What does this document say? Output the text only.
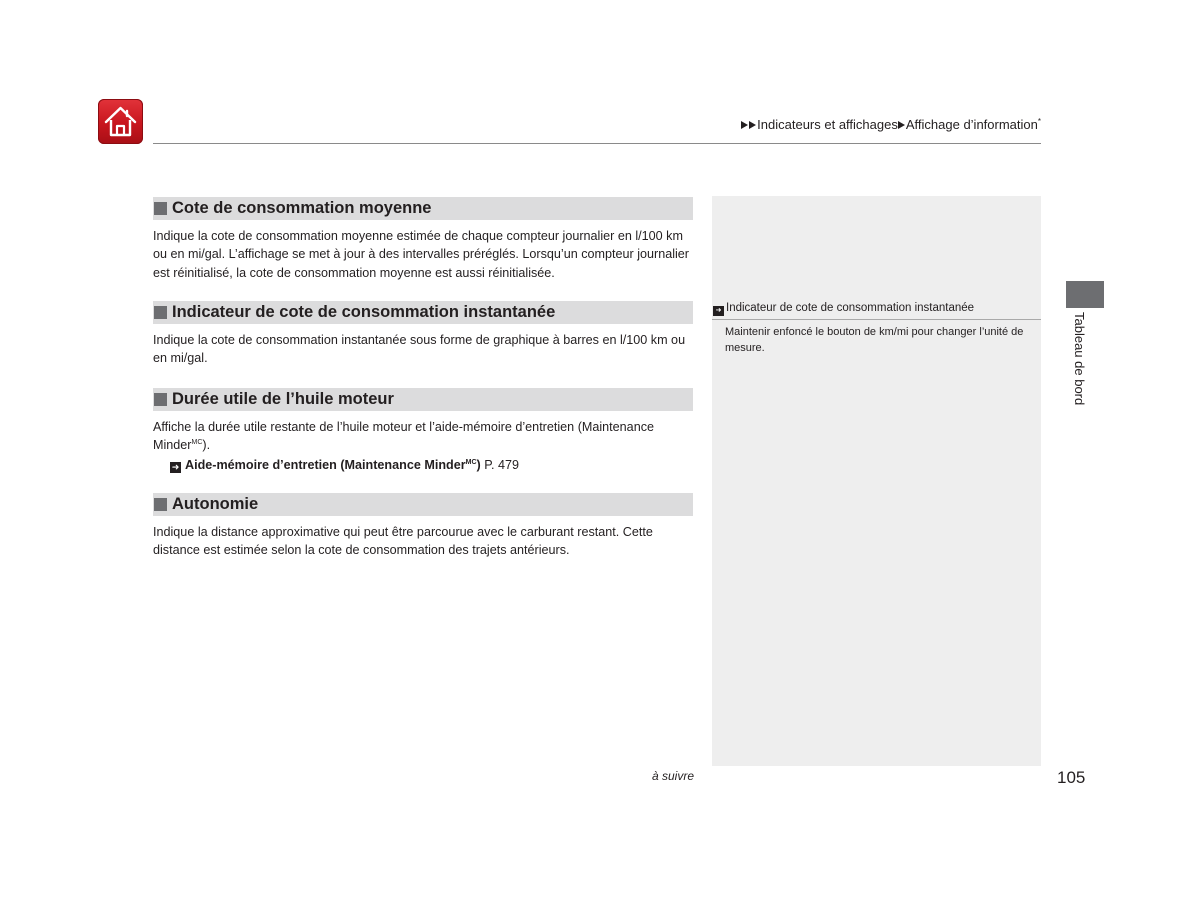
Indicateurs et affichages Affichage d’information*
Cote de consommation moyenne
Indique la cote de consommation moyenne estimée de chaque compteur journalier en l/100 km ou en mi/gal. L’affichage se met à jour à des intervalles préréglés. Lorsqu’un compteur journalier est réinitialisé, la cote de consommation moyenne est aussi réinitialisée.
Indicateur de cote de consommation instantanée
Indique la cote de consommation instantanée sous forme de graphique à barres en l/100 km ou en mi/gal.
Durée utile de l’huile moteur
Affiche la durée utile restante de l’huile moteur et l’aide-mémoire d’entretien (Maintenance Minder$^{MC}$).
➜ Aide-mémoire d’entretien (Maintenance Minder$^{MC}$) P. 479
Autonomie
Indique la distance approximative qui peut être parcourue avec le carburant restant. Cette distance est estimée selon la cote de consommation des trajets antérieurs.
➜ Indicateur de cote de consommation instantanée
Maintenir enfoncé le bouton de km/mi pour changer l’unité de mesure.	Tableau de bord
à suivre	105
